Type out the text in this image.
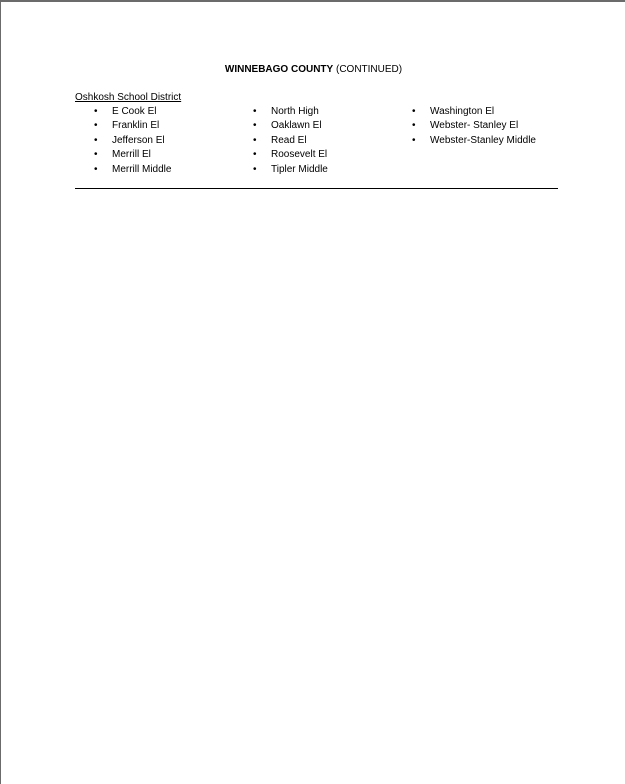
WINNEBAGO COUNTY (CONTINUED)
Oshkosh School District
• E Cook El
• Franklin El
• Jefferson El
• Merrill El
• Merrill Middle
• North High
• Oaklawn El
• Read El
• Roosevelt El
• Tipler Middle
• Washington El
• Webster- Stanley El
• Webster-Stanley Middle
